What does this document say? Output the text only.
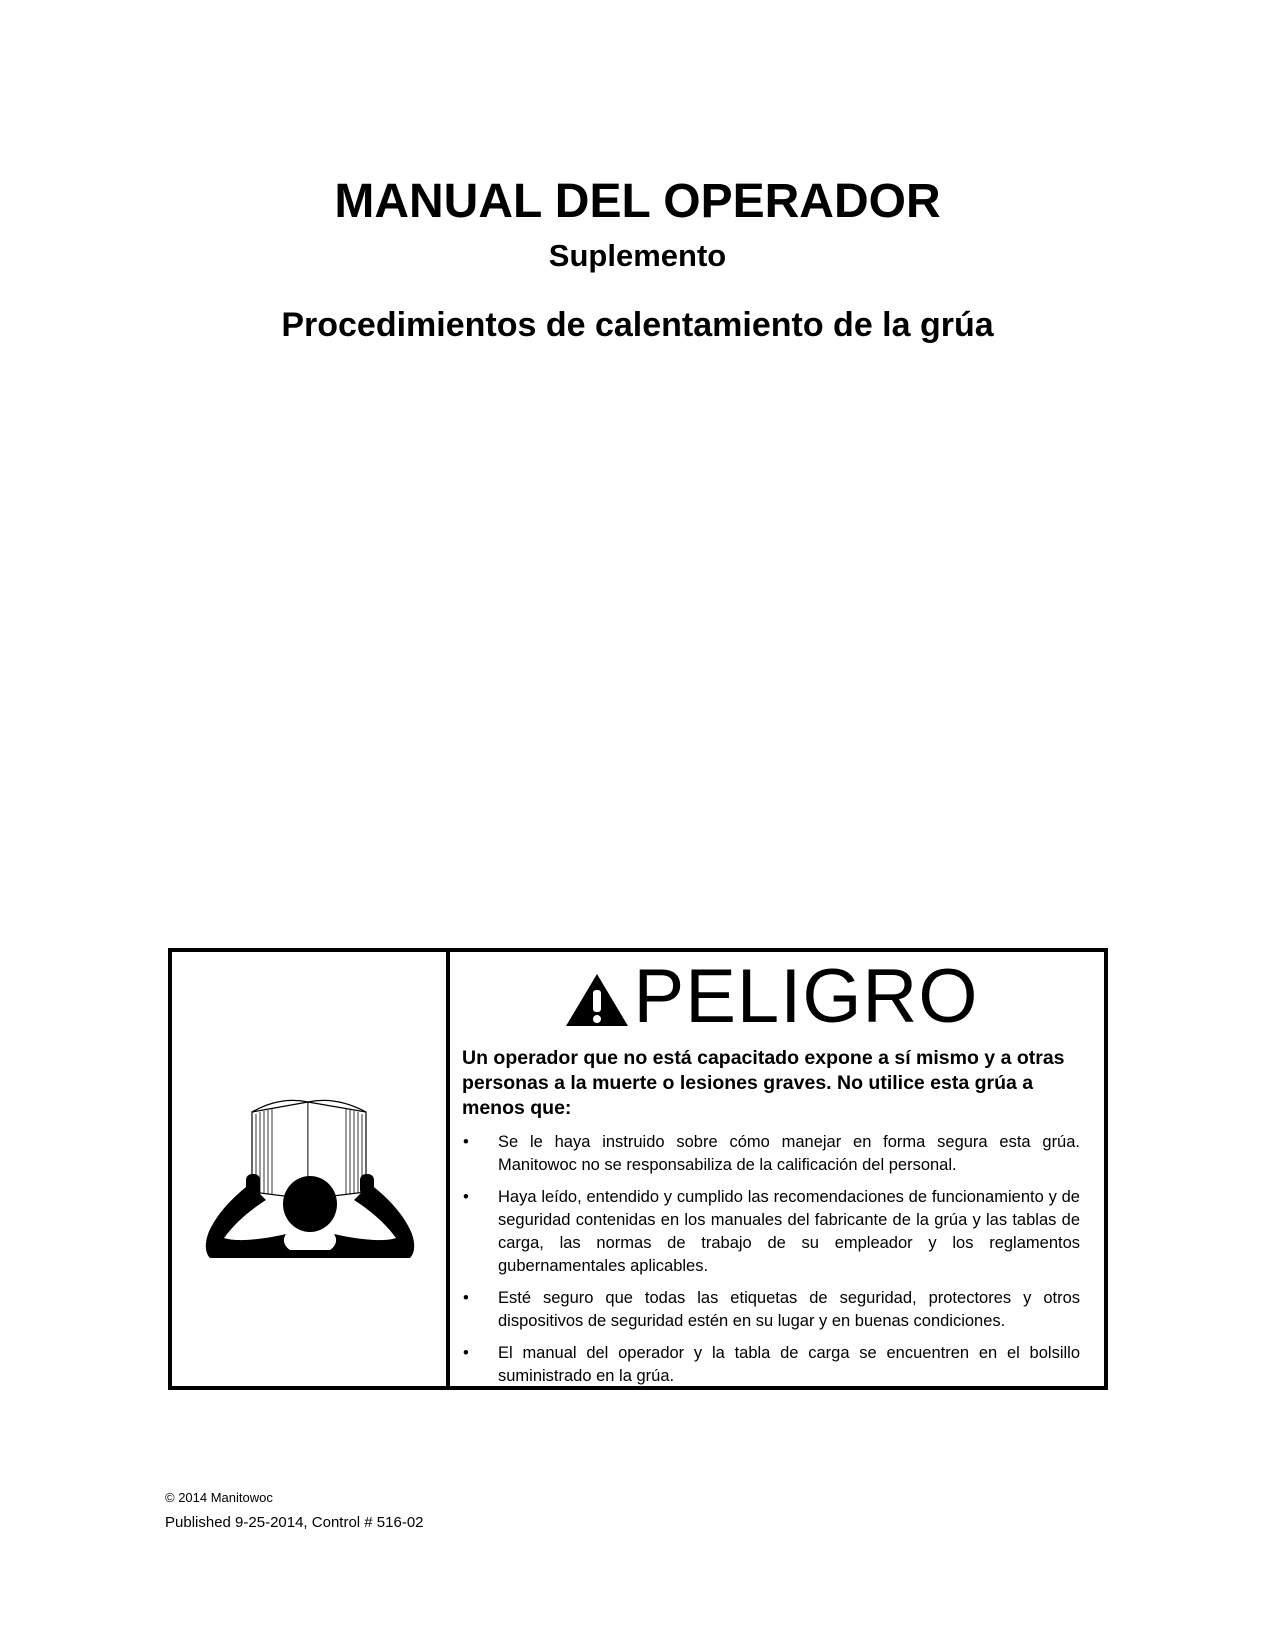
MANUAL DEL OPERADOR
Suplemento
Procedimientos de calentamiento de la grúa
PELIGRO

Un operador que no está capacitado expone a sí mismo y a otras personas a la muerte o lesiones graves. No utilice esta grúa a menos que:

• Se le haya instruido sobre cómo manejar en forma segura esta grúa. Manitowoc no se responsabiliza de la calificación del personal.
• Haya leído, entendido y cumplido las recomendaciones de funcionamiento y de seguridad contenidas en los manuales del fabricante de la grúa y las tablas de carga, las normas de trabajo de su empleador y los reglamentos gubernamentales aplicables.
• Esté seguro que todas las etiquetas de seguridad, protectores y otros dispositivos de seguridad estén en su lugar y en buenas condiciones.
• El manual del operador y la tabla de carga se encuentren en el bolsillo suministrado en la grúa.
© 2014 Manitowoc
Published 9-25-2014, Control # 516-02
